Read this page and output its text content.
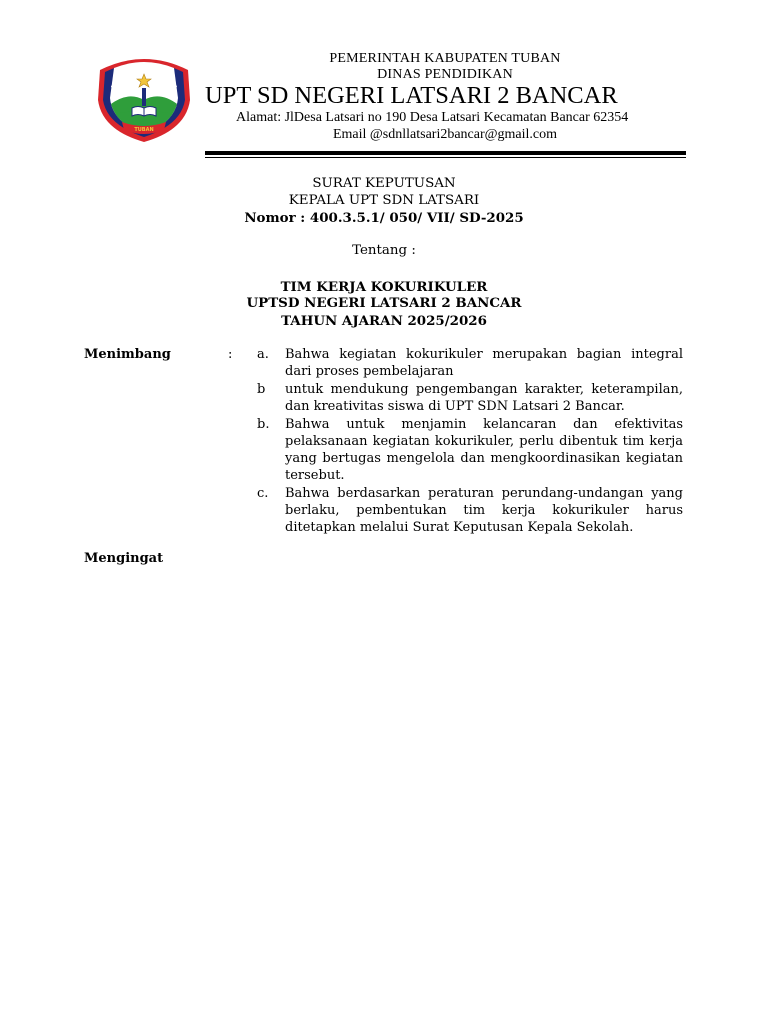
TUBAN
SD NEGERI LATSARI II BANCAR
PEMERINTAH KABUPATEN TUBAN
DINAS PENDIDIKAN
UPT SD NEGERI LATSARI 2 BANCAR
Alamat: JlDesa Latsari no 190 Desa Latsari Kecamatan Bancar 62354
Email @sdnllatsari2bancar@gmail.com
SURAT KEPUTUSAN
KEPALA UPT SDN LATSARI
Nomor : 400.3.5.1/ 050/ VII/ SD-2025
Tentang :
TIM KERJA KOKURIKULER
UPTSD NEGERI LATSARI 2 BANCAR
TAHUN AJARAN 2025/2026
Menimbang	: a.	Bahwa kegiatan kokurikuler merupakan bagian integral dari proses pembelajaran
b	untuk mendukung pengembangan karakter, keterampilan, dan kreativitas siswa di UPT SDN Latsari 2 Bancar.
b.	Bahwa untuk menjamin kelancaran dan efektivitas pelaksanaan kegiatan kokurikuler, perlu dibentuk tim kerja yang bertugas mengelola dan mengkoordinasikan kegiatan tersebut.
c.	Bahwa berdasarkan peraturan perundang-undangan yang berlaku, pembentukan tim kerja kokurikuler harus ditetapkan melalui Surat Keputusan Kepala Sekolah.
Mengingat
